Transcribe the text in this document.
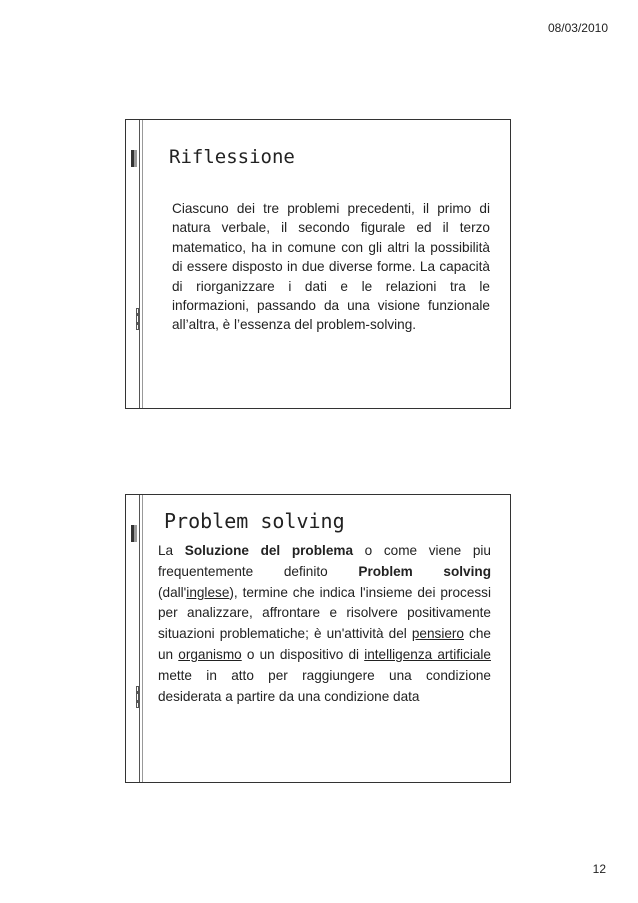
08/03/2010
Riflessione
Ciascuno dei tre problemi precedenti, il primo di natura verbale, il secondo figurale ed il terzo matematico, ha in comune con gli altri la possibilità di essere disposto in due diverse forme. La capacità di riorganizzare i dati e le relazioni tra le informazioni, passando da una visione funzionale all’altra, è l’essenza del problem-solving.
Problem solving
La Soluzione del problema o come viene piu frequentemente definito Problem solving (dall'inglese), termine che indica l'insieme dei processi per analizzare, affrontare e risolvere positivamente situazioni problematiche; è un'attività del pensiero che un organismo o un dispositivo di intelligenza artificiale mette in atto per raggiungere una condizione desiderata a partire da una condizione data
12
